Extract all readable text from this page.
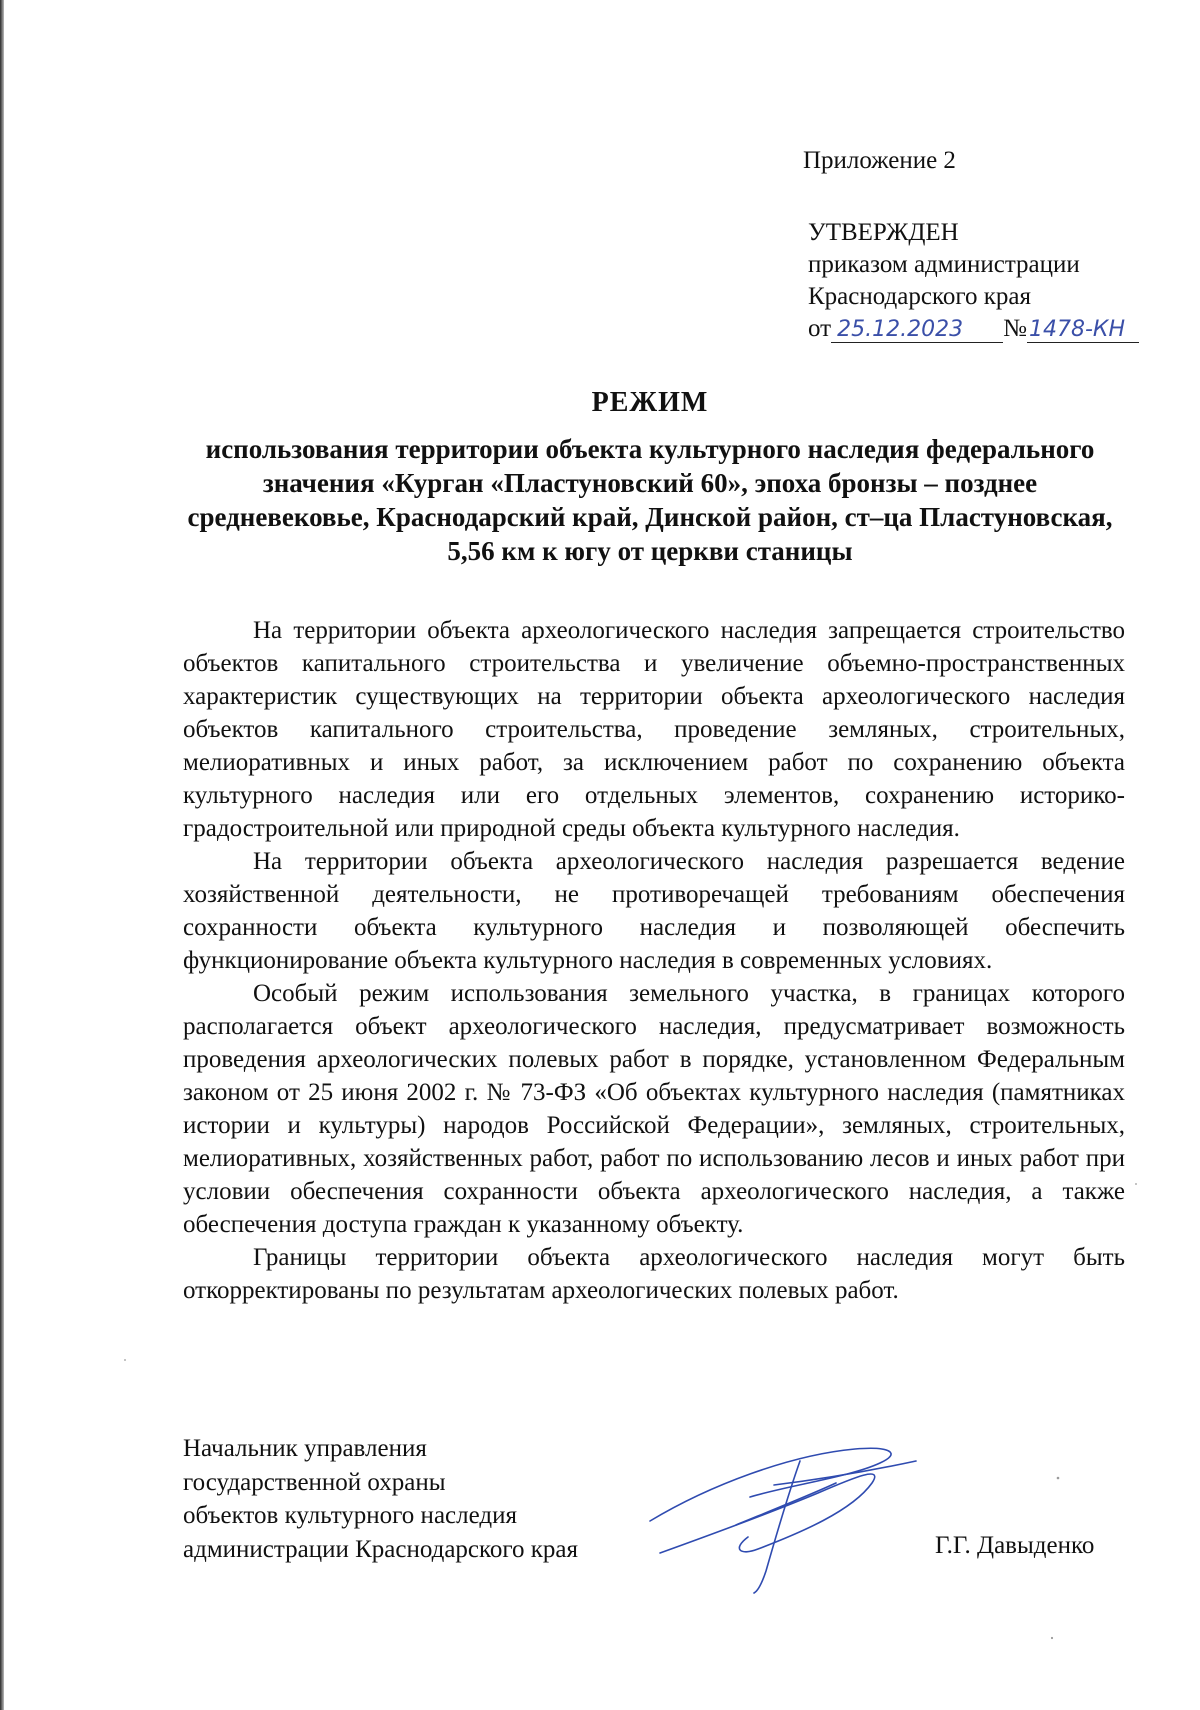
Приложение 2
УТВЕРЖДЕН
приказом администрации
Краснодарского края
от 25.12.2023 №1478-КН
РЕЖИМ
использования территории объекта культурного наследия федерального значения «Курган «Пластуновский 60», эпоха бронзы – позднее средневековье, Краснодарский край, Динской район, ст–ца Пластуновская, 5,56 км к югу от церкви станицы

На территории объекта археологического наследия запрещается строительство объектов капитального строительства и увеличение объемно-пространственных характеристик существующих на территории объекта археологического наследия объектов капитального строительства, проведение земляных, строительных, мелиоративных и иных работ, за исключением работ по сохранению объекта культурного наследия или его отдельных элементов, сохранению историко-градостроительной или природной среды объекта культурного наследия.

На территории объекта археологического наследия разрешается ведение хозяйственной деятельности, не противоречащей требованиям обеспечения сохранности объекта культурного наследия и позволяющей обеспечить функционирование объекта культурного наследия в современных условиях.

Особый режим использования земельного участка, в границах которого располагается объект археологического наследия, предусматривает возможность проведения археологических полевых работ в порядке, установленном Федеральным законом от 25 июня 2002 г. № 73-ФЗ «Об объектах культурного наследия (памятниках истории и культуры) народов Российской Федерации», земляных, строительных, мелиоративных, хозяйственных работ, работ по использованию лесов и иных работ при условии обеспечения сохранности объекта археологического наследия, а также обеспечения доступа граждан к указанному объекту.

Границы территории объекта археологического наследия могут быть откорректированы по результатам археологических полевых работ.

Начальник управления
государственной охраны
объектов культурного наследия
администрации Краснодарского края	Г.Г. Давыденко
